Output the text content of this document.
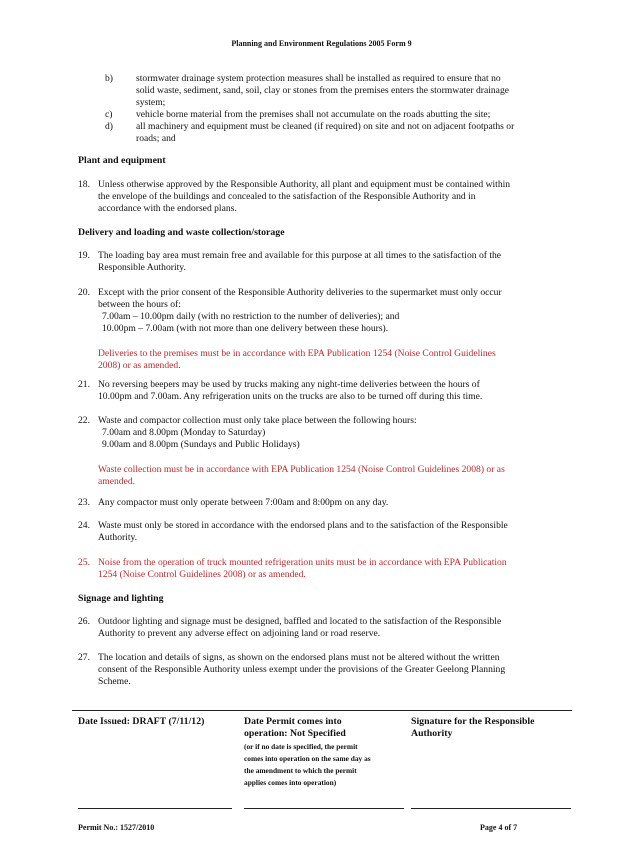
Planning and Environment Regulations 2005 Form 9
b) stormwater drainage system protection measures shall be installed as required to ensure that no
solid waste, sediment, sand, soil, clay or stones from the premises enters the stormwater drainage
system;
c) vehicle borne material from the premises shall not accumulate on the roads abutting the site;
d) all machinery and equipment must be cleaned (if required) on site and not on adjacent footpaths or
roads; and
Plant and equipment
18. Unless otherwise approved by the Responsible Authority, all plant and equipment must be contained within
the envelope of the buildings and concealed to the satisfaction of the Responsible Authority and in
accordance with the endorsed plans.
Delivery and loading and waste collection/storage
19. The loading bay area must remain free and available for this purpose at all times to the satisfaction of the
Responsible Authority.
20. Except with the prior consent of the Responsible Authority deliveries to the supermarket must only occur
between the hours of:
7.00am – 10.00pm daily (with no restriction to the number of deliveries); and
10.00pm – 7.00am (with not more than one delivery between these hours).
Deliveries to the premises must be in accordance with EPA Publication 1254 (Noise Control Guidelines
2008) or as amended.
21. No reversing beepers may be used by trucks making any night-time deliveries between the hours of
10.00pm and 7.00am. Any refrigeration units on the trucks are also to be turned off during this time.
22. Waste and compactor collection must only take place between the following hours:
7.00am and 8.00pm (Monday to Saturday)
9.00am and 8.00pm (Sundays and Public Holidays)
Waste collection must be in accordance with EPA Publication 1254 (Noise Control Guidelines 2008) or as
amended.
23. Any compactor must only operate between 7:00am and 8:00pm on any day.
24. Waste must only be stored in accordance with the endorsed plans and to the satisfaction of the Responsible
Authority.
25. Noise from the operation of truck mounted refrigeration units must be in accordance with EPA Publication
1254 (Noise Control Guidelines 2008) or as amended.
Signage and lighting
26. Outdoor lighting and signage must be designed, baffled and located to the satisfaction of the Responsible
Authority to prevent any adverse effect on adjoining land or road reserve.
27. The location and details of signs, as shown on the endorsed plans must not be altered without the written
consent of the Responsible Authority unless exempt under the provisions of the Greater Geelong Planning
Scheme.
Date Issued: DRAFT (7/11/12)	Date Permit comes into
operation: Not Specified
(or if no date is specified, the permit
comes into operation on the same day as
the amendment to which the permit
applies comes into operation)
Signature for the Responsible
Authority
Permit No.: 1527/2010	Page 4 of 7
